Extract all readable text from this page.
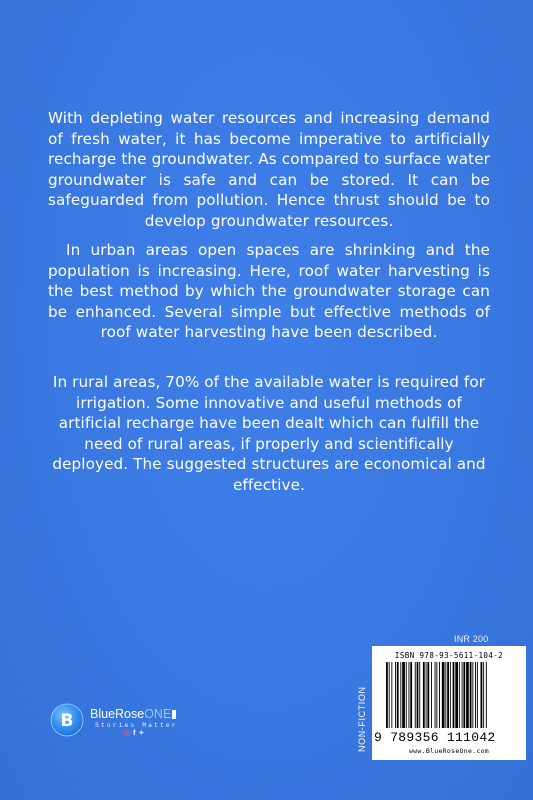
With depleting water resources and increasing demand of fresh water, it has become imperative to artificially recharge the groundwater. As compared to surface water groundwater is safe and can be stored. It can be safeguarded from pollution. Hence thrust should be to develop groundwater resources.

In urban areas open spaces are shrinking and the population is increasing. Here, roof water harvesting is the best method by which the groundwater storage can be enhanced. Several simple but effective methods of roof water harvesting have been described.

In rural areas, 70% of the available water is required for irrigation. Some innovative and useful methods of artificial recharge have been dealt which can fulfill the need of rural areas, if properly and scientifically deployed. The suggested structures are economical and effective.

INR 200
NON-FICTION
ISBN 978-93-5611-104-2
9 789356 111042
www.BlueRoseOne.com
B BlueRoseONE
Stories Matter
◎ f ✦
